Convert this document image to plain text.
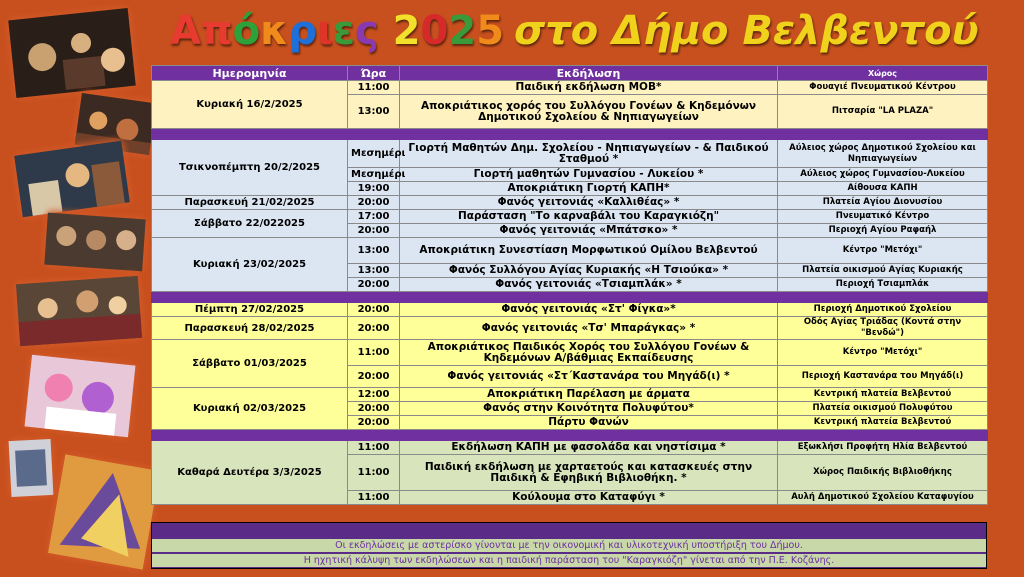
Απόκριες 2025 στο Δήμο Βελβεντού
Ημερομηνία	Ώρα	Εκδήλωση	Χώρος
Κυριακή 16/2/2025	11:00	Παιδική εκδήλωση MOB*	Φουαγιέ Πνευματικού Κέντρου
	13:00	Αποκριάτικος χορός του Συλλόγου Γονέων & Κηδεμόνων Δημοτικού Σχολείου & Νηπιαγωγείων	Πιτσαρία "LA PLAZA"

Τσικνοπέμπτη 20/2/2025	Μεσημέρι	Γιορτή Μαθητών Δημ. Σχολείου - Νηπιαγωγείων - & Παιδικού Σταθμού *	Αύλειος χώρος Δημοτικού Σχολείου και Νηπιαγωγείων
	Μεσημέρι	Γιορτή μαθητών Γυμνασίου - Λυκείου *	Αύλειος χώρος Γυμνασίου-Λυκείου
	19:00	Αποκριάτικη Γιορτή ΚΑΠΗ*	Αίθουσα ΚΑΠΗ
Παρασκευή 21/02/2025	20:00	Φανός γειτονιάς «Καλλιθέας» *	Πλατεία Αγίου Διονυσίου
Σάββατο 22/022025	17:00	Παράσταση "Το καρναβάλι του Καραγκιόζη"	Πνευματικό Κέντρο
	20:00	Φανός γειτονιάς «Μπάτσκο» *	Περιοχή Αγίου Ραφαήλ
Κυριακή 23/02/2025	13:00	Αποκριάτικη Συνεστίαση Μορφωτικού Ομίλου Βελβεντού	Κέντρο "Μετόχι"
	13:00	Φανός Συλλόγου Αγίας Κυριακής «Η Τσιούκα» *	Πλατεία οικισμού Αγίας Κυριακής
	20:00	Φανός γειτονιάς «Τσιαμπλάκ» *	Περιοχή Τσιαμπλάκ

Πέμπτη 27/02/2025	20:00	Φανός γειτονιάς «Στ' Φίγκα»*	Περιοχή Δημοτικού Σχολείου
Παρασκευή 28/02/2025	20:00	Φανός γειτονιάς «Τσ' Μπαράγκας» *	Οδός Αγίας Τριάδας (Κοντά στην "Βενδώ")
Σάββατο 01/03/2025	11:00	Αποκριάτικος Παιδικός Χορός του Συλλόγου Γονέων & Κηδεμόνων Α/βάθμιας Εκπαίδευσης	Κέντρο "Μετόχι"
	20:00	Φανός γειτονιάς «Στ΄Καστανάρα του Μηγάδ(ι) *	Περιοχή Καστανάρα του Μηγάδ(ι)
Κυριακή 02/03/2025	12:00	Αποκριάτικη Παρέλαση με άρματα	Κεντρική πλατεία Βελβεντού
	20:00	Φανός στην Κοινότητα Πολυφύτου*	Πλατεία οικισμού Πολυφύτου
	20:00	Πάρτυ Φανών	Κεντρική πλατεία Βελβεντού

Καθαρά Δευτέρα 3/3/2025	11:00	Εκδήλωση ΚΑΠΗ με φασολάδα και νηστίσιμα *	Εξωκλήσι Προφήτη Ηλία Βελβεντού
	11:00	Παιδική εκδήλωση με χαρταετούς και κατασκευές στην Παιδική & Εφηβική Βιβλιοθήκη. *	Χώρος Παιδικής Βιβλιοθήκης
	11:00	Κούλουμα στο Καταφύγι *	Αυλή Δημοτικού Σχολείου Καταφυγίου
Οι εκδηλώσεις με αστερίσκο γίνονται με την οικονομική και υλικοτεχνική υποστήριξη του Δήμου.
Η ηχητική κάλυψη των εκδηλώσεων και η παιδική παράσταση του "Καραγκιόζη" γίνεται από την Π.Ε. Κοζάνης.
